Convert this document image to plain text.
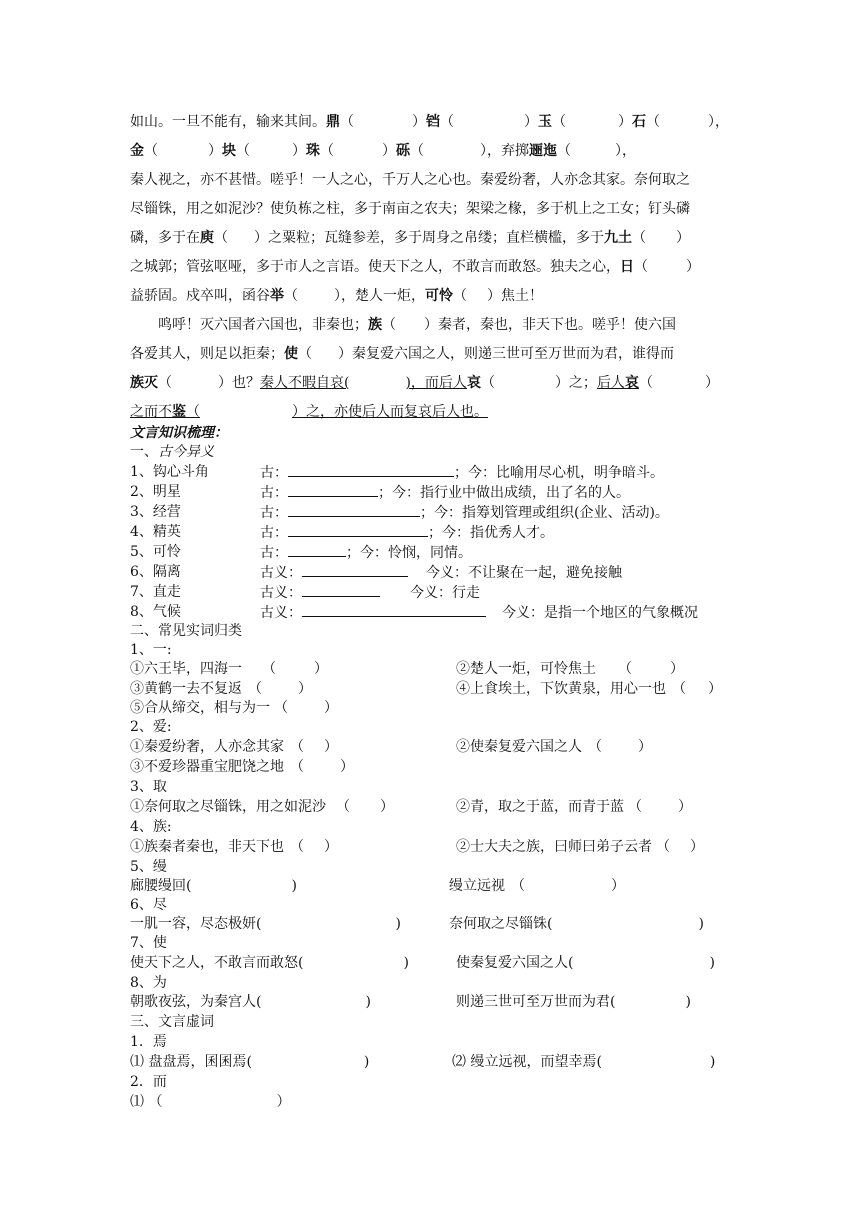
如山。一旦不能有，输来其间。鼎（	）铛（	）玉（	）石（	），
金（	）块（	）珠（	）砾（	），弃掷逦迤（	），
秦人视之，亦不甚惜。嗟乎！一人之心，千万人之心也。秦爱纷奢，人亦念其家。奈何取之
尽锱铢，用之如泥沙？使负栋之柱，多于南亩之农夫；架梁之椽，多于机上之工女；钉头磷
磷，多于在庾（ ）之粟粒；瓦缝参差，多于周身之帛缕；直栏横槛，多于九土（ ）
之城郭；管弦呕哑，多于市人之言语。使天下之人，不敢言而敢怒。独夫之心，日（	）
益骄固。戍卒叫，函谷举（	），楚人一炬，可怜（ ）焦土！
鸣呼！灭六国者六国也，非秦也；族（ ）秦者，秦也，非天下也。嗟乎！使六国
各爱其人，则足以拒秦；使（ ）秦复爱六国之人，则递三世可至万世而为君，谁得而
族灭（	）也？秦人不暇自哀(	)，而后人哀（	）之；后人哀（	）
之而不鉴（	）之，亦使后人而复哀后人也。
文言知识梳理：
一、古今异义
1、钩心斗角	古：	；今：比喻用尽心机，明争暗斗。
2、明星	古：	；今：指行业中做出成绩，出了名的人。
3、经营	古：	；今：指筹划管理或组织(企业、活动)。
4、精英	古：	；今：指优秀人才。
5、可怜	古：	；今：怜悯，同情。
6、隔离	古义：	今义：不让聚在一起，避免接触
7、直走	古义：	今义：行走
8、气候	古义：	今义：是指一个地区的气象概况
二、常见实词归类
1、一:
①六王毕，四海一 （	）	②楚人一炬，可怜焦土 （	）
③黄鹤一去不复返 （	）	④上食埃土，下饮黄泉，用心一也 （ ）
⑤合从缔交，相与为一 （	）
2、爱:
①秦爱纷奢，人亦念其家 （ ）	②使秦复爱六国之人 （	）
③不爱珍器重宝肥饶之地 （	）
3、取
①奈何取之尽锱铢，用之如泥沙 （ ）	②青，取之于蓝，而青于蓝 （	）
4、族:
①族秦者秦也，非天下也 （ ）	②士大夫之族，曰师曰弟子云者 （ ）
5、缦
廊腰缦回(	)	缦立远视 （	）
6、尽
一肌一容，尽态极妍(	)	奈何取之尽锱铢(	)
7、使
使天下之人，不敢言而敢怒(	)	使秦复爱六国之人(	)
8、为
朝歌夜弦，为秦宫人(	)	则递三世可至万世而为君(	)
三、文言虚词
1．焉
⑴ 盘盘焉，囷囷焉(	)	⑵ 缦立远视，而望幸焉(	)
2．而
⑴ （	）
